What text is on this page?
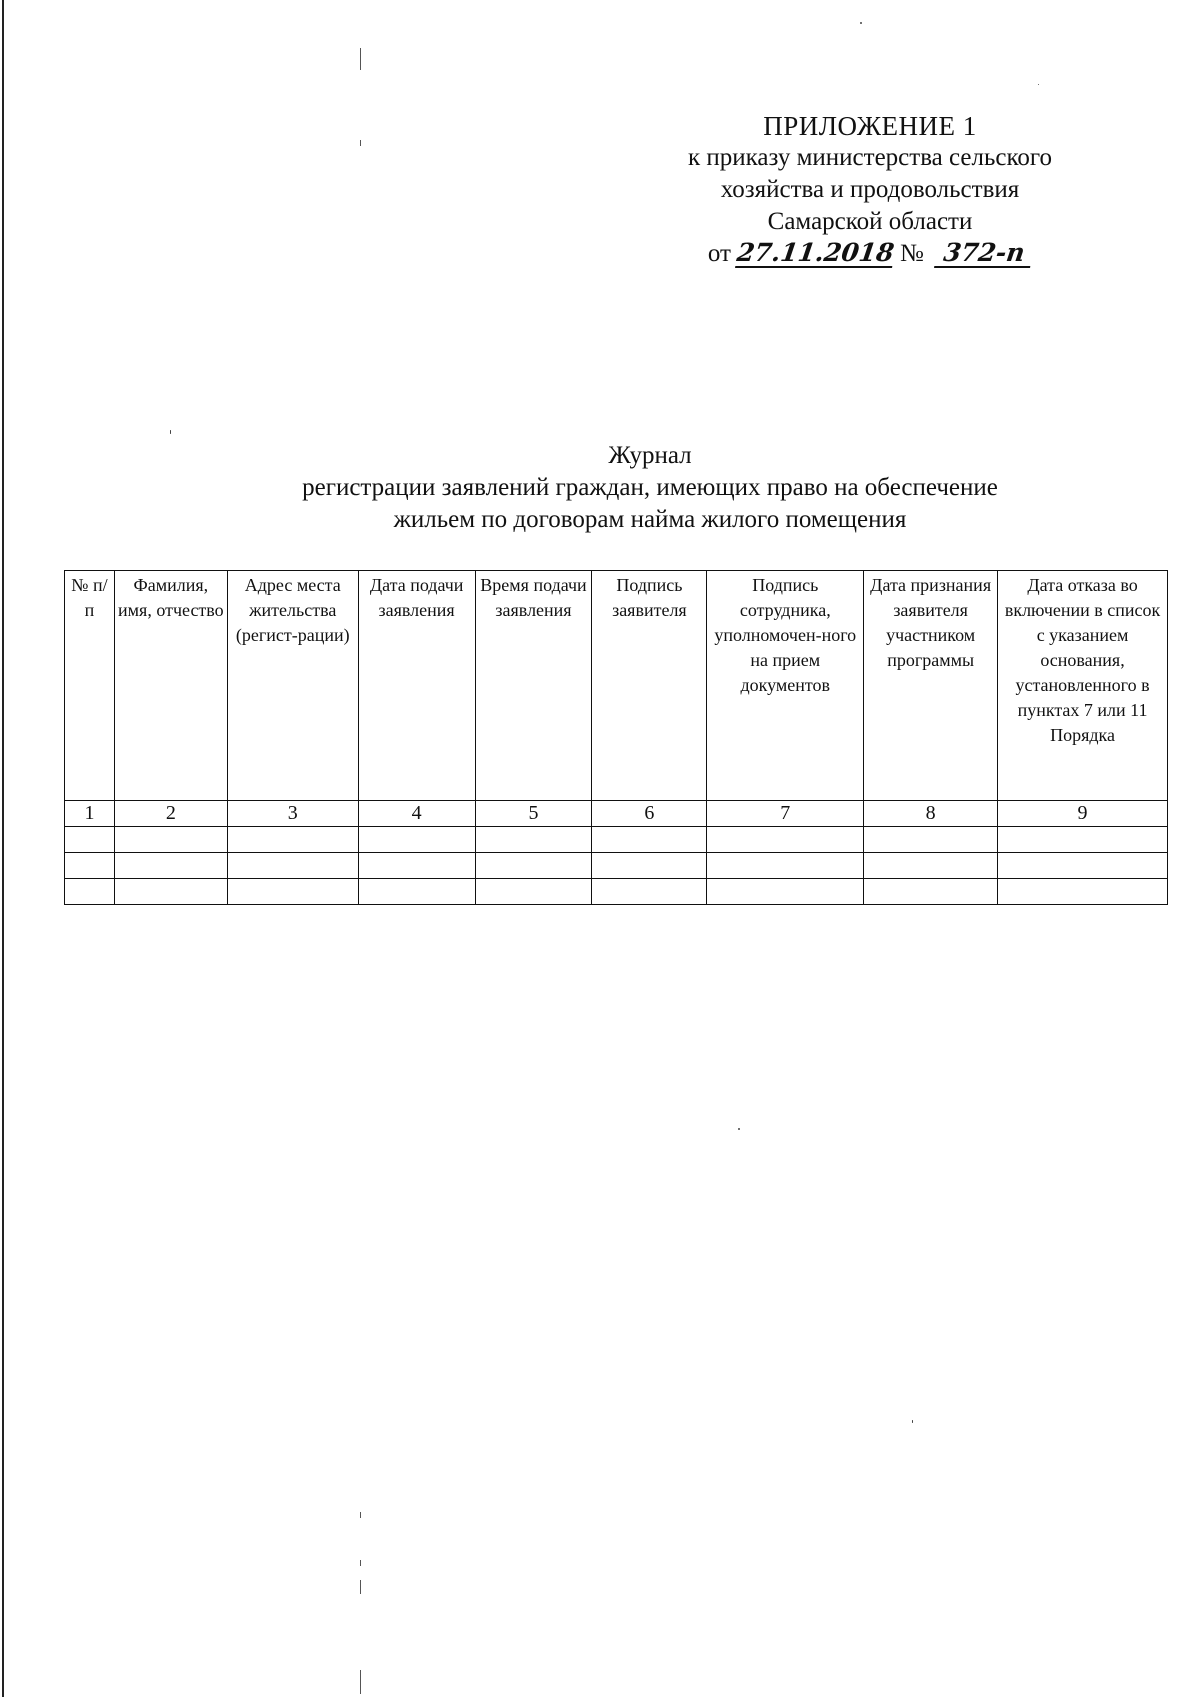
ПРИЛОЖЕНИЕ 1
к приказу министерства сельского
хозяйства и продовольствия
Самарской области
от 27.11.2018 № 372-п
Журнал
регистрации заявлений граждан, имеющих право на обеспечение
жильем по договорам найма жилого помещения
№ п/п	Фамилия, имя, отчество	Адрес места жительства (регист-рации)	Дата подачи заявления	Время подачи заявления	Подпись заявителя	Подпись сотрудника, уполномочен-ного на прием документов	Дата признания заявителя участником программы	Дата отказа во включении в список с указанием основания, установленного в пунктах 7 или 11 Порядка
1	2	3	4	5	6	7	8	9
